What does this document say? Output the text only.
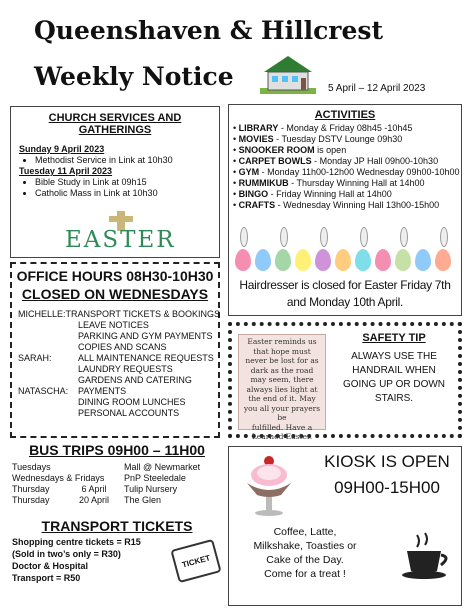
Queenshaven & Hillcrest
Weekly Notice	5 April – 12 April 2023
CHURCH SERVICES AND GATHERINGS
Sunday 9 April 2023
• Methodist Service in Link at 10h30
Tuesday 11 April 2023
• Bible Study in Link at 09h15
• Catholic Mass in Link at 10h30
EASTER
ACTIVITIES
• LIBRARY - Monday & Friday 08h45 -10h45
• MOVIES - Tuesday DSTV Lounge 09h30
• SNOOKER ROOM is open
• CARPET BOWLS - Monday JP Hall 09h00-10h30
• GYM - Monday 11h00-12h00 Wednesday 09h00-10h00
• RUMMIKUB - Thursday Winning Hall at 14h00
• BINGO - Friday Winning Hall at 14h00
• CRAFTS - Wednesday Winning Hall 13h00-15h00
Hairdresser is closed for Easter Friday 7th
and Monday 10th April.
OFFICE HOURS 08H30-10H30
CLOSED ON WEDNESDAYS
MICHELLE: TRANSPORT TICKETS & BOOKINGS
LEAVE NOTICES
PARKING AND GYM PAYMENTS
COPIES AND SCANS
SARAH:	ALL MAINTENANCE REQUESTS
LAUNDRY REQUESTS
GARDENS AND CATERING
NATASCHA:	PAYMENTS
DINING ROOM LUNCHES
PERSONAL ACCOUNTS
BUS TRIPS 09H00 – 11H00
Tuesdays	Mall @ Newmarket
Wednesdays & Fridays PnP Steeledale
Thursday	6 April	Tulip Nursery
Thursday	20 April	The Glen
TRANSPORT TICKETS
Shopping centre tickets = R15
(Sold in two’s only = R30)
Doctor & Hospital
Transport = R50
TICKET
Easter reminds us
that hope must
never be lost for as
dark as the road
may seem, there
always lies light at
the end of it. May
you all your prayers be
fulfilled. Have a
Learned Easter.
SAFETY TIP
ALWAYS USE THE
HANDRAIL WHEN
GOING UP OR DOWN
STAIRS.
KIOSK IS OPEN
09H00-15H00
Coffee, Latte,
Milkshake, Toasties or
Cake of the Day.
Come for a treat !
